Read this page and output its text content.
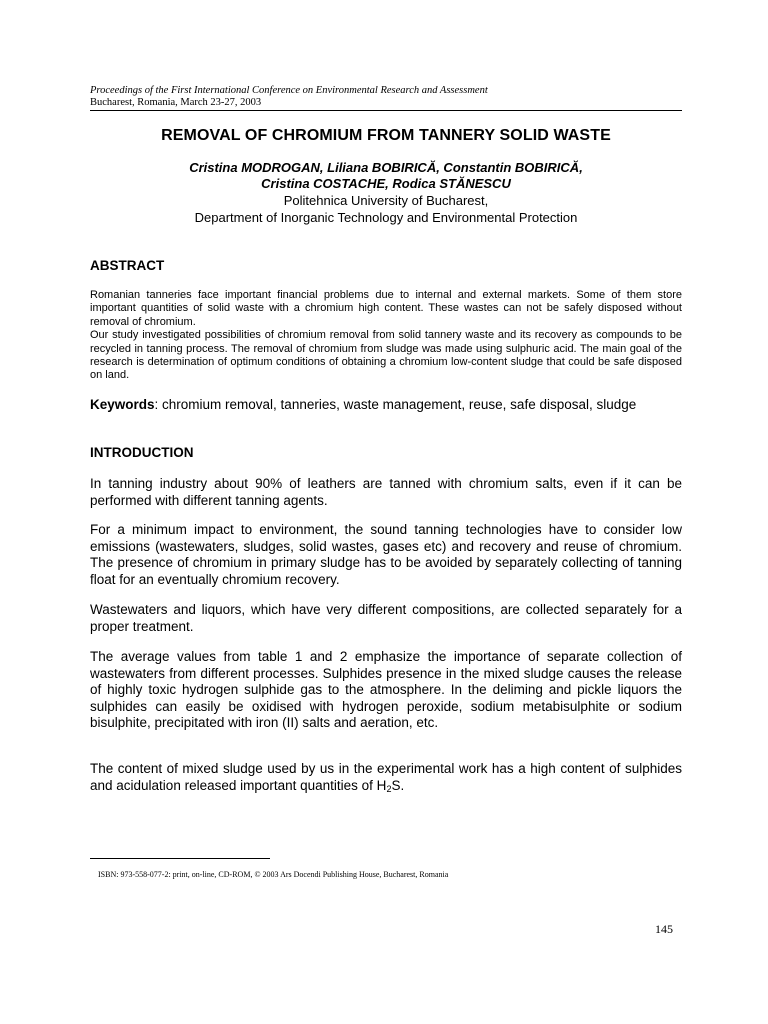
Proceedings of the First International Conference on Environmental Research and Assessment
Bucharest, Romania, March 23-27, 2003
REMOVAL OF CHROMIUM FROM TANNERY SOLID WASTE
Cristina MODROGAN, Liliana BOBIRICĂ, Constantin BOBIRICĂ,
Cristina COSTACHE, Rodica STĂNESCU
Politehnica University of Bucharest,
Department of Inorganic Technology and Environmental Protection
ABSTRACT
Romanian tanneries face important financial problems due to internal and external markets. Some of them store important quantities of solid waste with a chromium high content. These wastes can not be safely disposed without removal of chromium.
Our study investigated possibilities of chromium removal from solid tannery waste and its recovery as compounds to be recycled in tanning process. The removal of chromium from sludge was made using sulphuric acid. The main goal of the research is determination of optimum conditions of obtaining a chromium low-content sludge that could be safe disposed on land.

Keywords: chromium removal, tanneries, waste management, reuse, safe disposal, sludge

INTRODUCTION

In tanning industry about 90% of leathers are tanned with chromium salts, even if it can be performed with different tanning agents.

For a minimum impact to environment, the sound tanning technologies have to consider low emissions (wastewaters, sludges, solid wastes, gases etc) and recovery and reuse of chromium. The presence of chromium in primary sludge has to be avoided by separately collecting of tanning float for an eventually chromium recovery.

Wastewaters and liquors, which have very different compositions, are collected separately for a proper treatment.

The average values from table 1 and 2 emphasize the importance of separate collection of wastewaters from different processes. Sulphides presence in the mixed sludge causes the release of highly toxic hydrogen sulphide gas to the atmosphere. In the deliming and pickle liquors the sulphides can easily be oxidised with hydrogen peroxide, sodium metabisulphite or sodium bisulphite, precipitated with iron (II) salts and aeration, etc.

The content of mixed sludge used by us in the experimental work has a high content of sulphides and acidulation released important quantities of $H_2S$.

ISBN: 973-558-077-2: print, on-line, CD-ROM, © 2003 Ars Docendi Publishing House, Bucharest, Romania
145
